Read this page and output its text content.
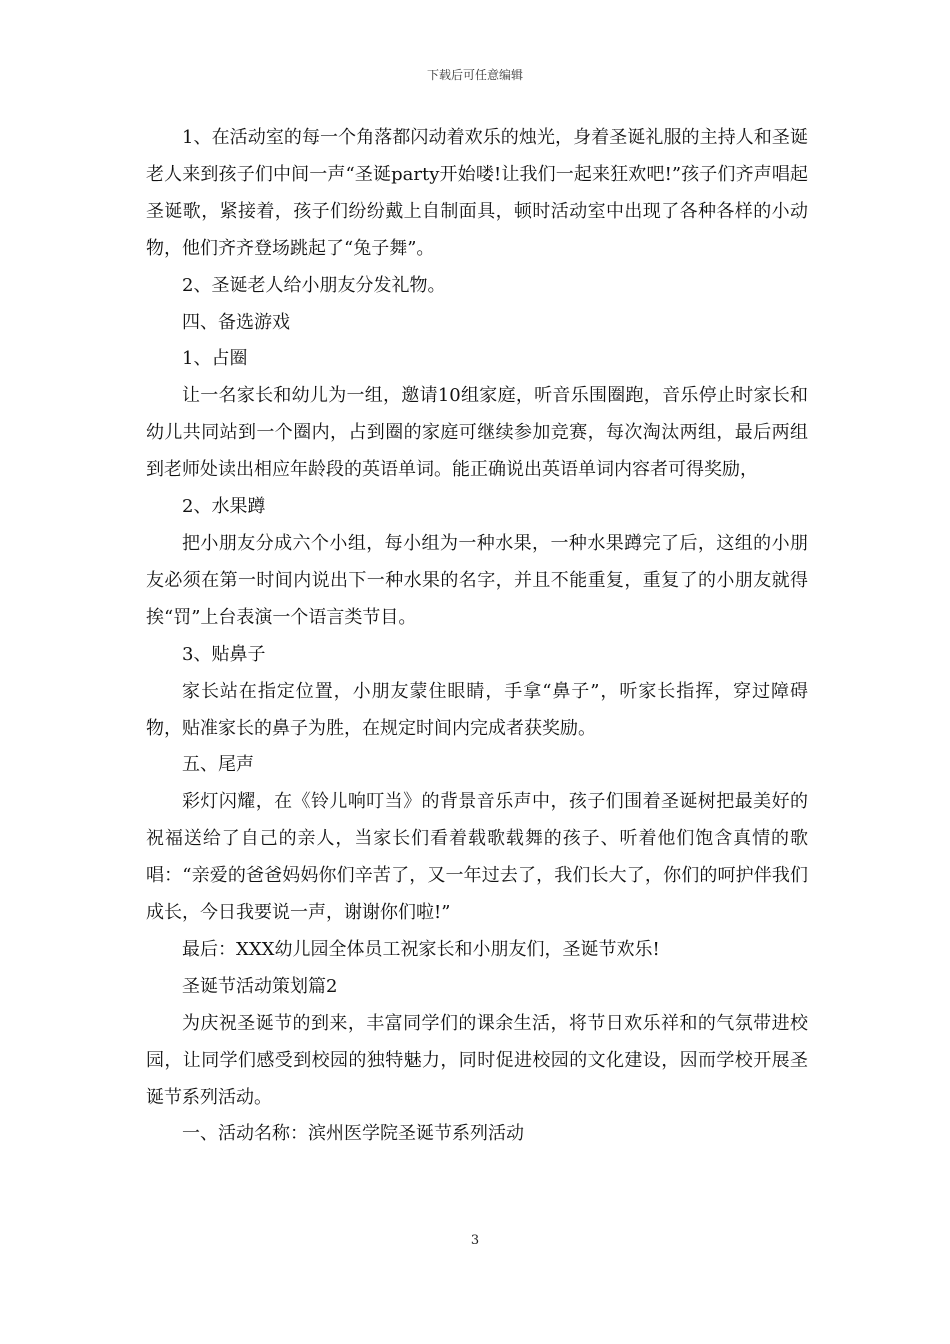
下载后可任意编辑

1、在活动室的每一个角落都闪动着欢乐的烛光，身着圣诞礼服的主持人和圣诞老人来到孩子们中间一声“圣诞party开始喽!让我们一起来狂欢吧!”孩子们齐声唱起圣诞歌，紧接着，孩子们纷纷戴上自制面具，顿时活动室中出现了各种各样的小动物，他们齐齐登场跳起了“兔子舞”。

2、圣诞老人给小朋友分发礼物。

四、备选游戏

1、占圈

让一名家长和幼儿为一组，邀请10组家庭，听音乐围圈跑，音乐停止时家长和幼儿共同站到一个圈内，占到圈的家庭可继续参加竞赛，每次淘汰两组，最后两组到老师处读出相应年龄段的英语单词。能正确说出英语单词内容者可得奖励，

2、水果蹲

把小朋友分成六个小组，每小组为一种水果，一种水果蹲完了后，这组的小朋友必须在第一时间内说出下一种水果的名字，并且不能重复，重复了的小朋友就得挨“罚”上台表演一个语言类节目。

3、贴鼻子

家长站在指定位置，小朋友蒙住眼睛，手拿“鼻子”，听家长指挥，穿过障碍物，贴准家长的鼻子为胜，在规定时间内完成者获奖励。

五、尾声

彩灯闪耀，在《铃儿响叮当》的背景音乐声中，孩子们围着圣诞树把最美好的祝福送给了自己的亲人，当家长们看着载歌载舞的孩子、听着他们饱含真情的歌唱：“亲爱的爸爸妈妈你们辛苦了，又一年过去了，我们长大了，你们的呵护伴我们成长，今日我要说一声，谢谢你们啦!”

最后：XXX幼儿园全体员工祝家长和小朋友们，圣诞节欢乐!

圣诞节活动策划篇2

为庆祝圣诞节的到来，丰富同学们的课余生活，将节日欢乐祥和的气氛带进校园，让同学们感受到校园的独特魅力，同时促进校园的文化建设，因而学校开展圣诞节系列活动。

一、活动名称：滨州医学院圣诞节系列活动

3
